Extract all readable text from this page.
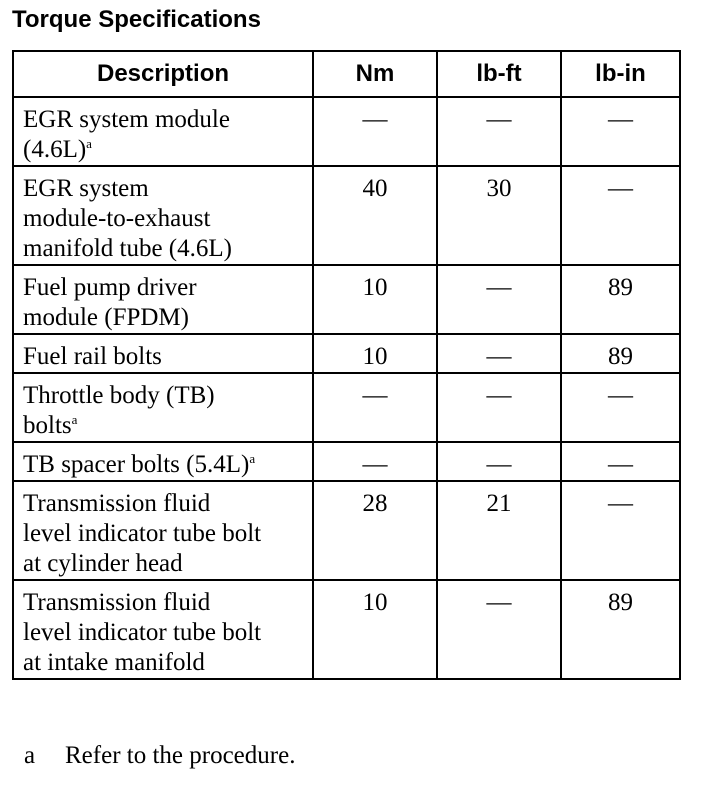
Torque Specifications
Description	Nm	lb-ft	lb-in
EGR system module
(4.6L)$^a$	—	—	—
EGR system
module-to-exhaust
manifold tube (4.6L)	40	30	—
Fuel pump driver
module (FPDM)	10	—	89
Fuel rail bolts	10	—	89
Throttle body (TB)
bolts$^a$	—	—	—
TB spacer bolts (5.4L)$^a$	—	—	—
Transmission fluid
level indicator tube bolt
at cylinder head	28	21	—
Transmission fluid
level indicator tube bolt
at intake manifold	10	—	89
a Refer to the procedure.
